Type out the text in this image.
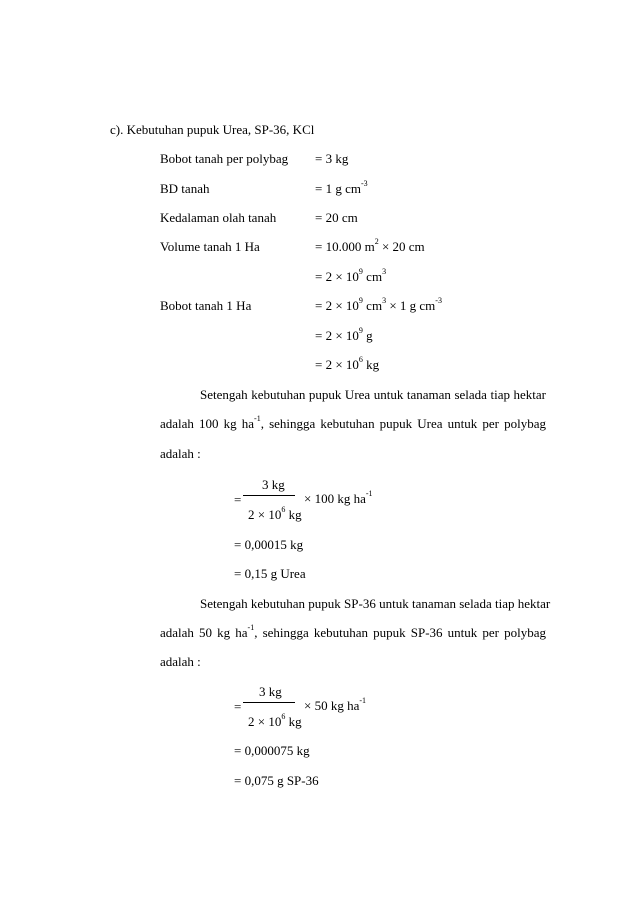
c). Kebutuhan pupuk Urea, SP-36, KCl
Bobot tanah per polybag = 3 kg
BD tanah	= 1 g $cm^{-3}$
Kedalaman olah tanah	= 20 cm
Volume tanah 1 Ha	= 10.000 $m^2 \times 20$ cm
= $2 \times 10^9$ $cm^3$
Bobot tanah 1 Ha	= $2 \times 10^9$ $cm^3 \times 1$ g $cm^{-3}$
= $2 \times 10^9$ g
= $2 \times 10^6$ kg
Setengah kebutuhan pupuk Urea untuk tanaman selada tiap hektar
adalah 100 kg $ha^{-1}$, sehingga kebutuhan pupuk Urea untuk per polybag
adalah :
3 kg
=	× 100 kg $ha^{-1}$
$2 \times 10^6$ kg
= 0,00015 kg
= 0,15 g Urea
Setengah kebutuhan pupuk SP-36 untuk tanaman selada tiap hektar
adalah 50 kg $ha^{-1}$, sehingga kebutuhan pupuk SP-36 untuk per polybag
adalah :
3 kg
=	× 50 kg $ha^{-1}$
$2 \times 10^6$ kg
= 0,000075 kg
= 0,075 g SP-36
